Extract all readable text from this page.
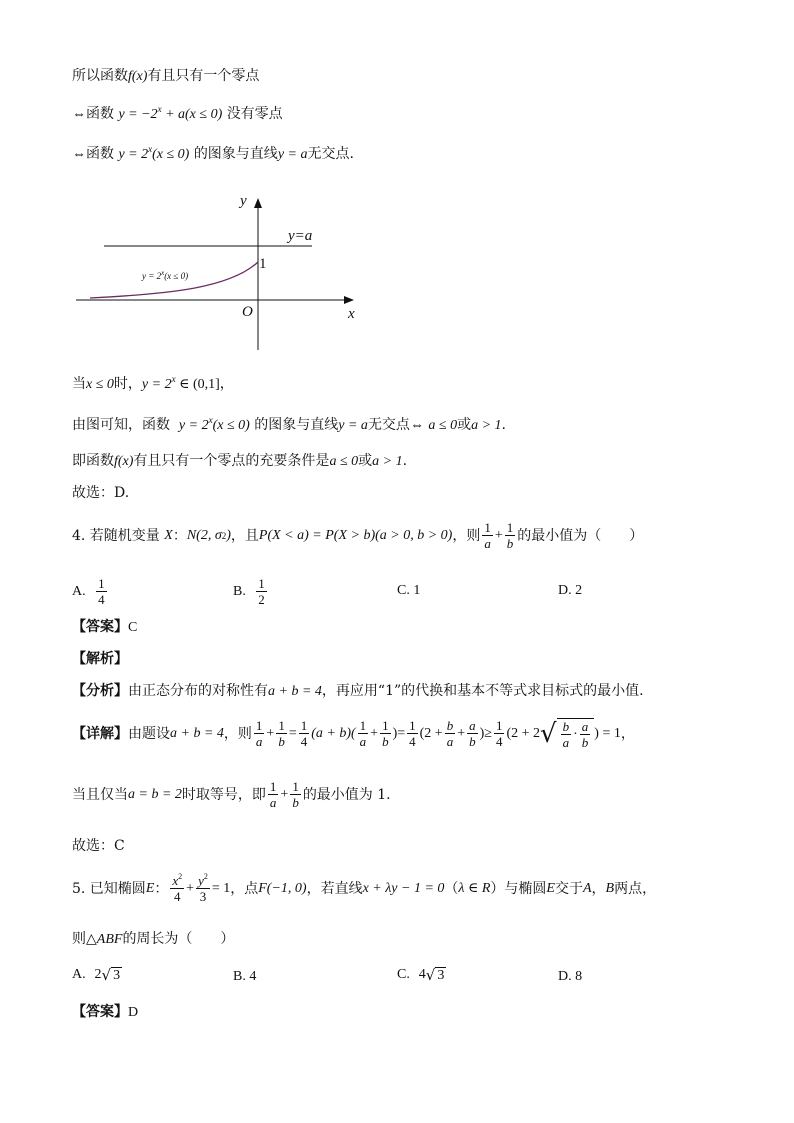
所以函数f(x)有且只有一个零点
⇔函数 $y = -2^x + a(x \le 0)$ 没有零点
⇔函数 $y = 2^x(x \le 0)$ 的图象与直线y = a无交点.
y
x
O
1
y=a
$y = 2^x(x \le 0)$
当x ≤ 0时，$y = 2^x$ ∈ (0,1]，
由图可知，函数 $y = 2^x(x \le 0)$ 的图象与直线y = a无交点⇔ a ≤ 0或a > 1.
即函数f(x)有且只有一个零点的充要条件是a ≤ 0或a > 1.
故选：D.
4. 若随机变量
X ： N(2, σ 2 ) ，且 P(X < a) = P(X > b)(a > 0, b > 0) ，则 $\frac{1}{a} + \frac{1}{b}$ 的最小值为（　　）
A.
$\frac{1}{4}$	B.
$\frac{1}{2}$	C. 1	D. 2
【答案】C
【解析】
【分析】由正态分布的对称性有a + b = 4，再应用“1”的代换和基本不等式求目标式的最小值.
【详解】 由题设 a + b = 4 ，则 $\frac{1}{a} + \frac{1}{b} = \frac{1}{4} (a + b)( \frac{1}{a} + \frac{1}{b}$ ) = $\frac{1}{4} (2 + \frac{b}{a} + \frac{a}{b}$ )≥ $\frac{1}{4} (2 + 2$ √ $\frac{b}{a} \cdot \frac{a}{b}$ ) = 1 ，
当且仅当 a = b = 2 时取等号，即 $\frac{1}{a} + \frac{1}{b}$ 的最小值为 1.
故选：C
5. 已知椭圆 E ： $\frac{x^2}{4} + \frac{y^2}{3} = 1$ ，点 F(−1, 0) ，若直线 x + λy − 1 = 0 （ λ ∈ R ）与椭圆 E 交于 A ， B 两点，
则△ABF的周长为（　　）
A.
2 √ 3	B. 4	C.
4 √ 3	D. 8
【答案】D
